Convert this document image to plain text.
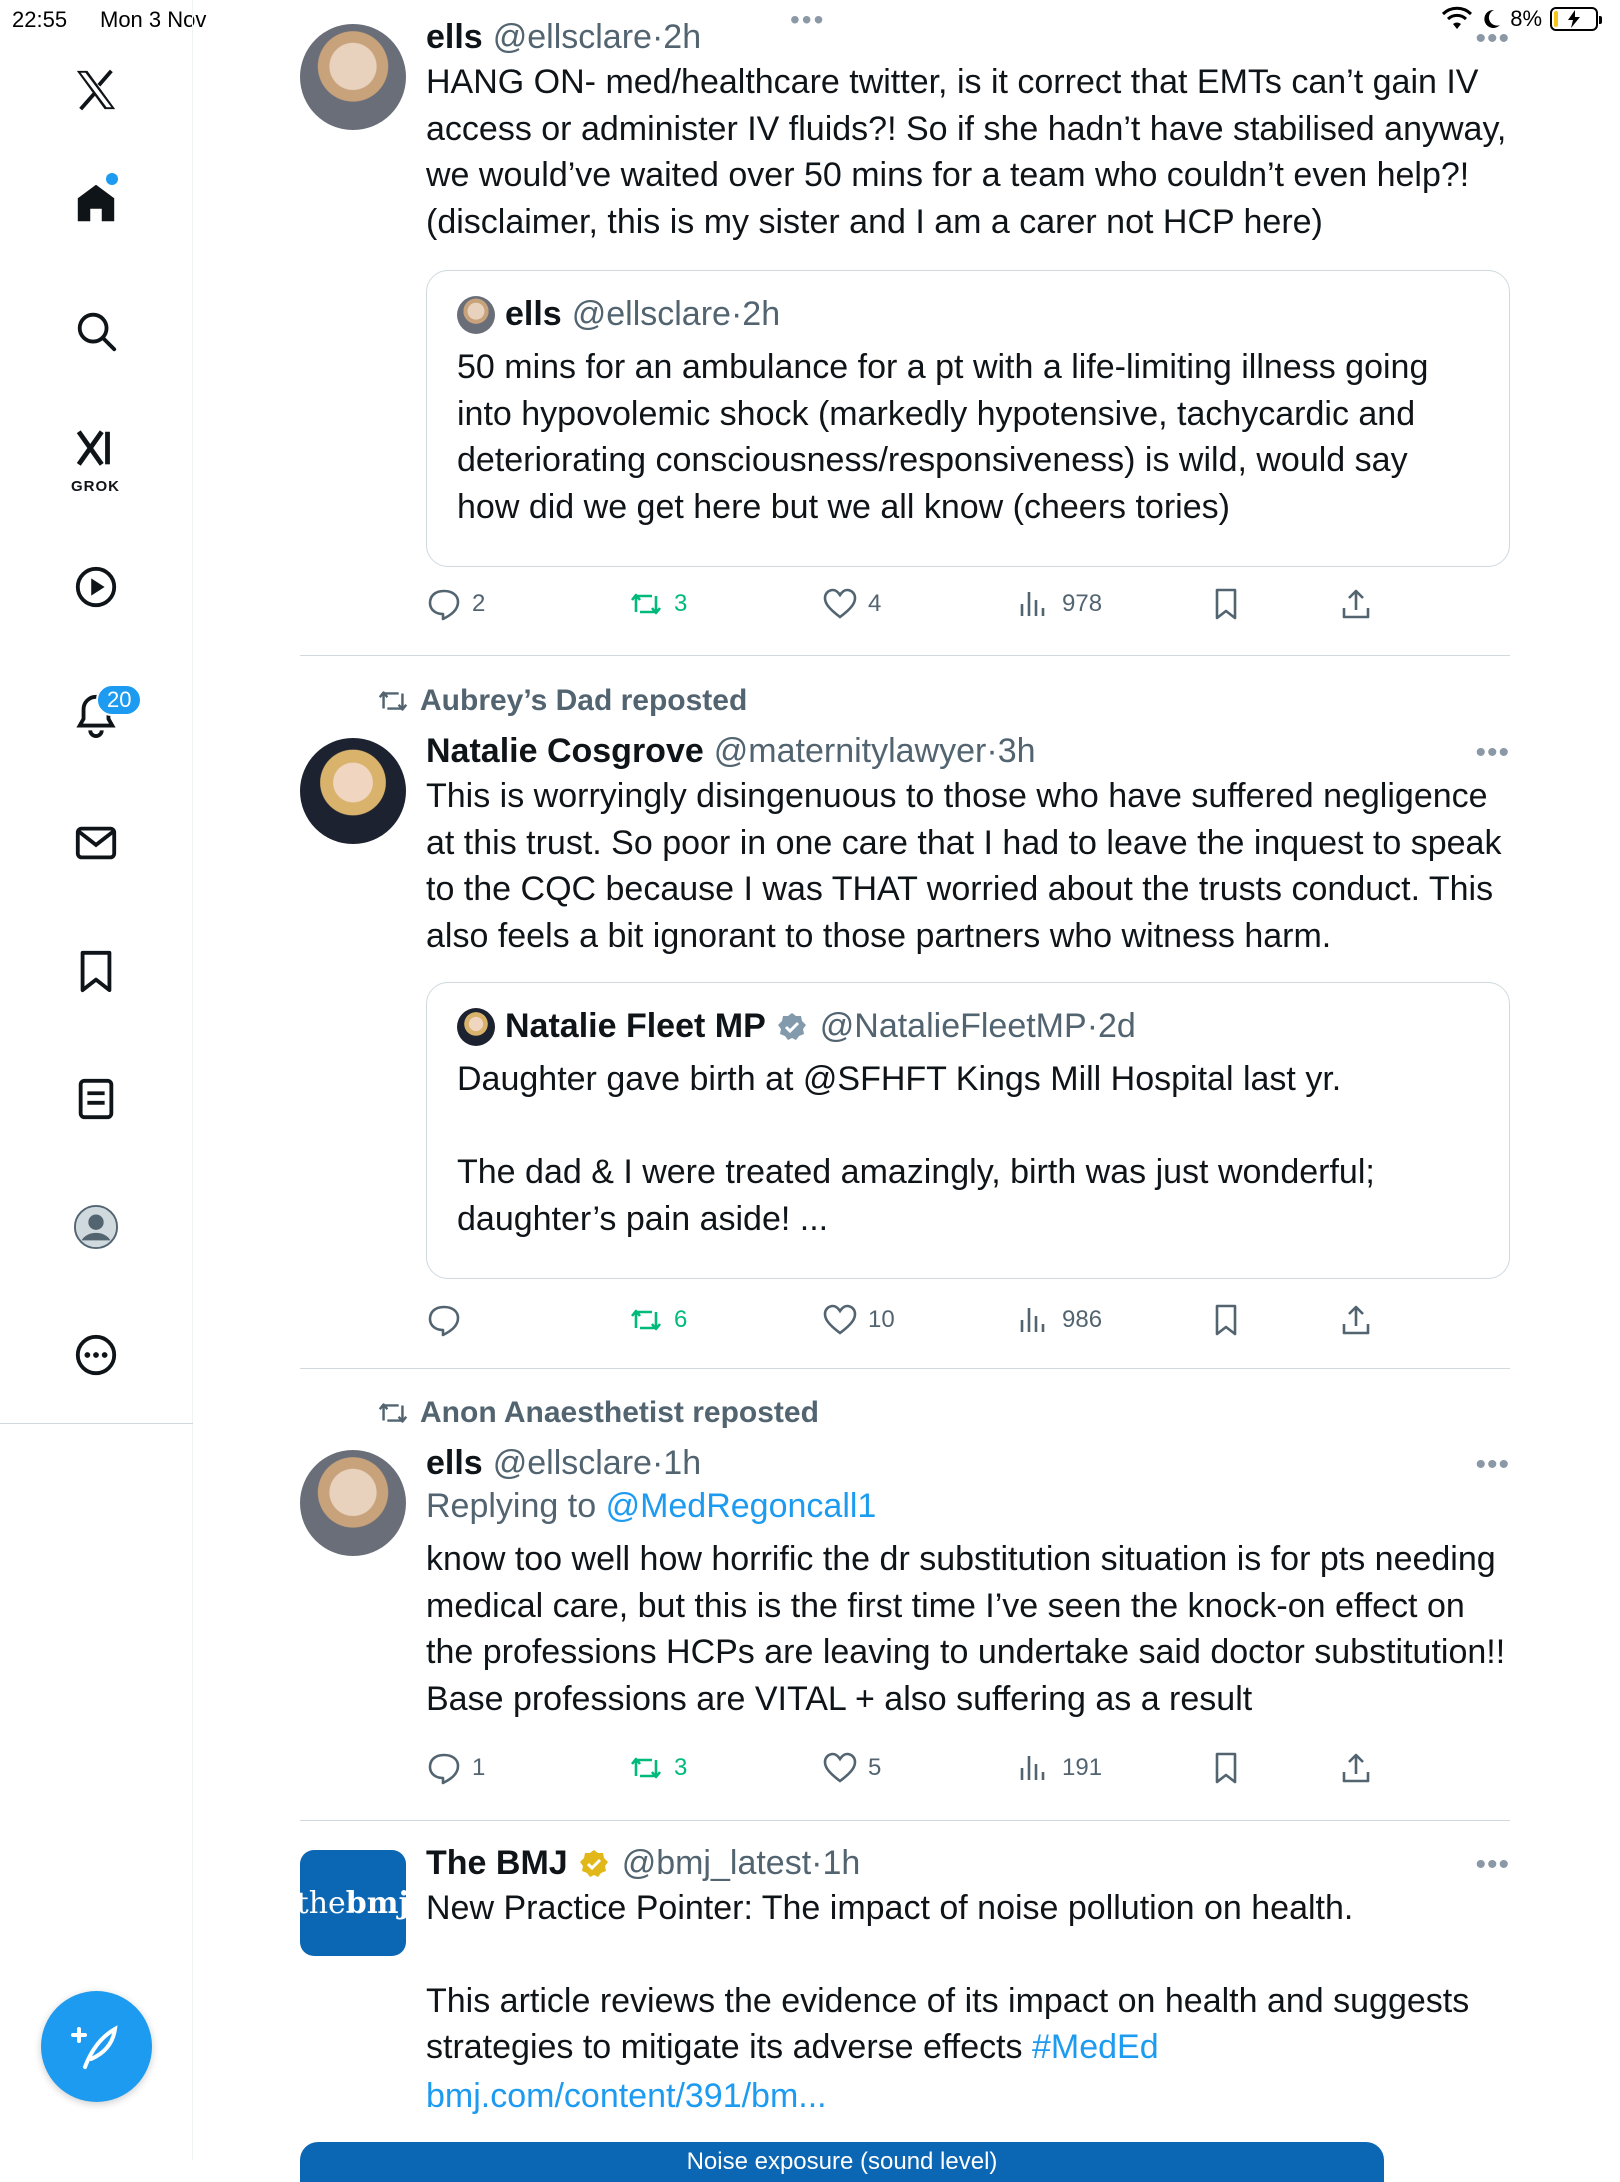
22:55 Mon 3 Nov	•••	8%
GROK
20
•••
ells @ellsclare · 2h
HANG ON- med/healthcare twitter, is it correct that EMTs can’t gain IV access or administer IV fluids?! So if she hadn’t have stabilised anyway, we would’ve waited over 50 mins for a team who couldn’t even help?! (disclaimer, this is my sister and I am a carer not HCP here)
ells @ellsclare · 2h
50 mins for an ambulance for a pt with a life-limiting illness going into hypovolemic shock (markedly hypotensive, tachycardic and deteriorating consciousness/responsiveness) is wild, would say how did we get here but we all know (cheers tories)
2	3	4	978
Aubrey’s Dad reposted
•••
Natalie Cosgrove @maternitylawyer · 3h
This is worryingly disingenuous to those who have suffered negligence at this trust. So poor in one care that I had to leave the inquest to speak to the CQC because I was THAT worried about the trusts conduct. This also feels a bit ignorant to those partners who witness harm.
Natalie Fleet MP @NatalieFleetMP · 2d
Daughter gave birth at @SFHFT Kings Mill Hospital last yr.

The dad & I were treated amazingly, birth was just wonderful; daughter’s pain aside! ...
6	10	986
Anon Anaesthetist reposted
•••
ells @ellsclare · 1h
Replying to @MedRegoncall1
know too well how horrific the dr substitution situation is for pts needing medical care, but this is the first time I’ve seen the knock-on effect on the professions HCPs are leaving to undertake said doctor substitution!! Base professions are VITAL + also suffering as a result
1	3	5	191
the bmj
•••
The BMJ @bmj_latest · 1h
New Practice Pointer: The impact of noise pollution on health.
This article reviews the evidence of its impact on health and suggests strategies to mitigate its adverse effects #MedEd
bmj.com/content/391/bm...
Noise exposure (sound level)
